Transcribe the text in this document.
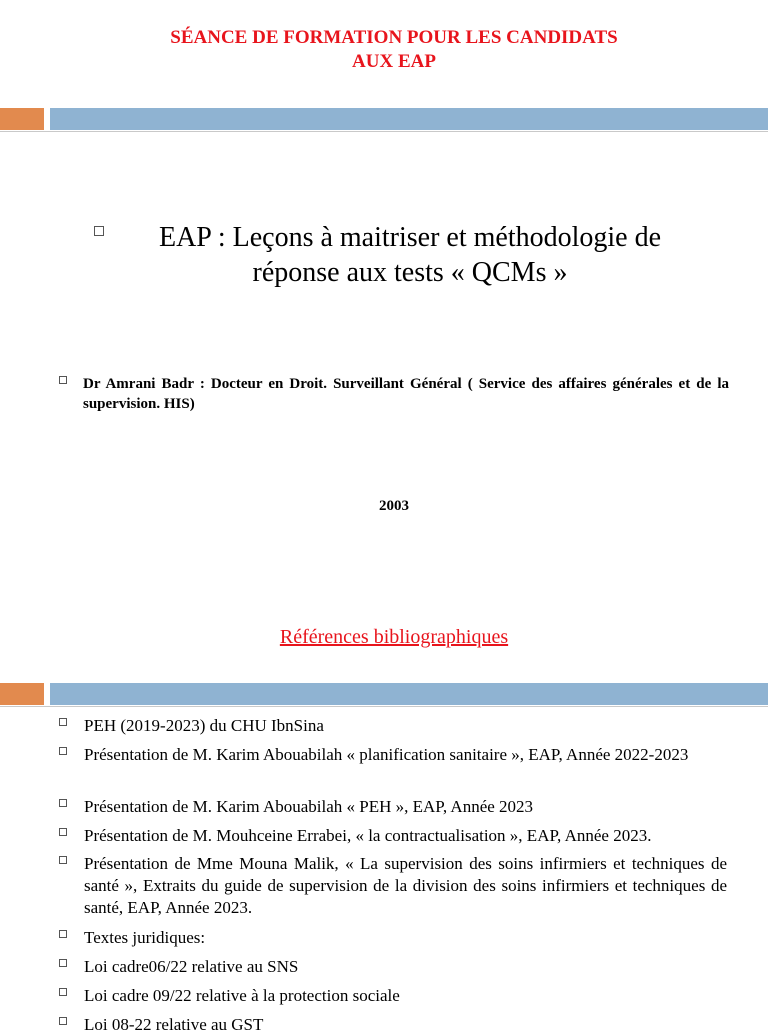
SÉANCE DE FORMATION POUR LES CANDIDATS
AUX EAP
EAP : Leçons à maitriser et méthodologie de
réponse aux tests « QCMs »
Dr Amrani Badr : Docteur en Droit. Surveillant Général ( Service des affaires générales et de la supervision. HIS)
2003
Références bibliographiques
PEH (2019-2023) du CHU IbnSina
Présentation de M. Karim Abouabilah « planification sanitaire », EAP, Année 2022-2023
Présentation de M. Karim Abouabilah « PEH », EAP, Année 2023
Présentation de M. Mouhceine Errabei, « la contractualisation », EAP, Année 2023.
Présentation de Mme Mouna Malik, « La supervision des soins infirmiers et techniques de santé », Extraits du guide de supervision de la division des soins infirmiers et techniques de santé, EAP, Année 2023.
Textes juridiques:
Loi cadre06/22 relative au SNS
Loi cadre 09/22 relative à la protection sociale
Loi 08-22 relative au GST
